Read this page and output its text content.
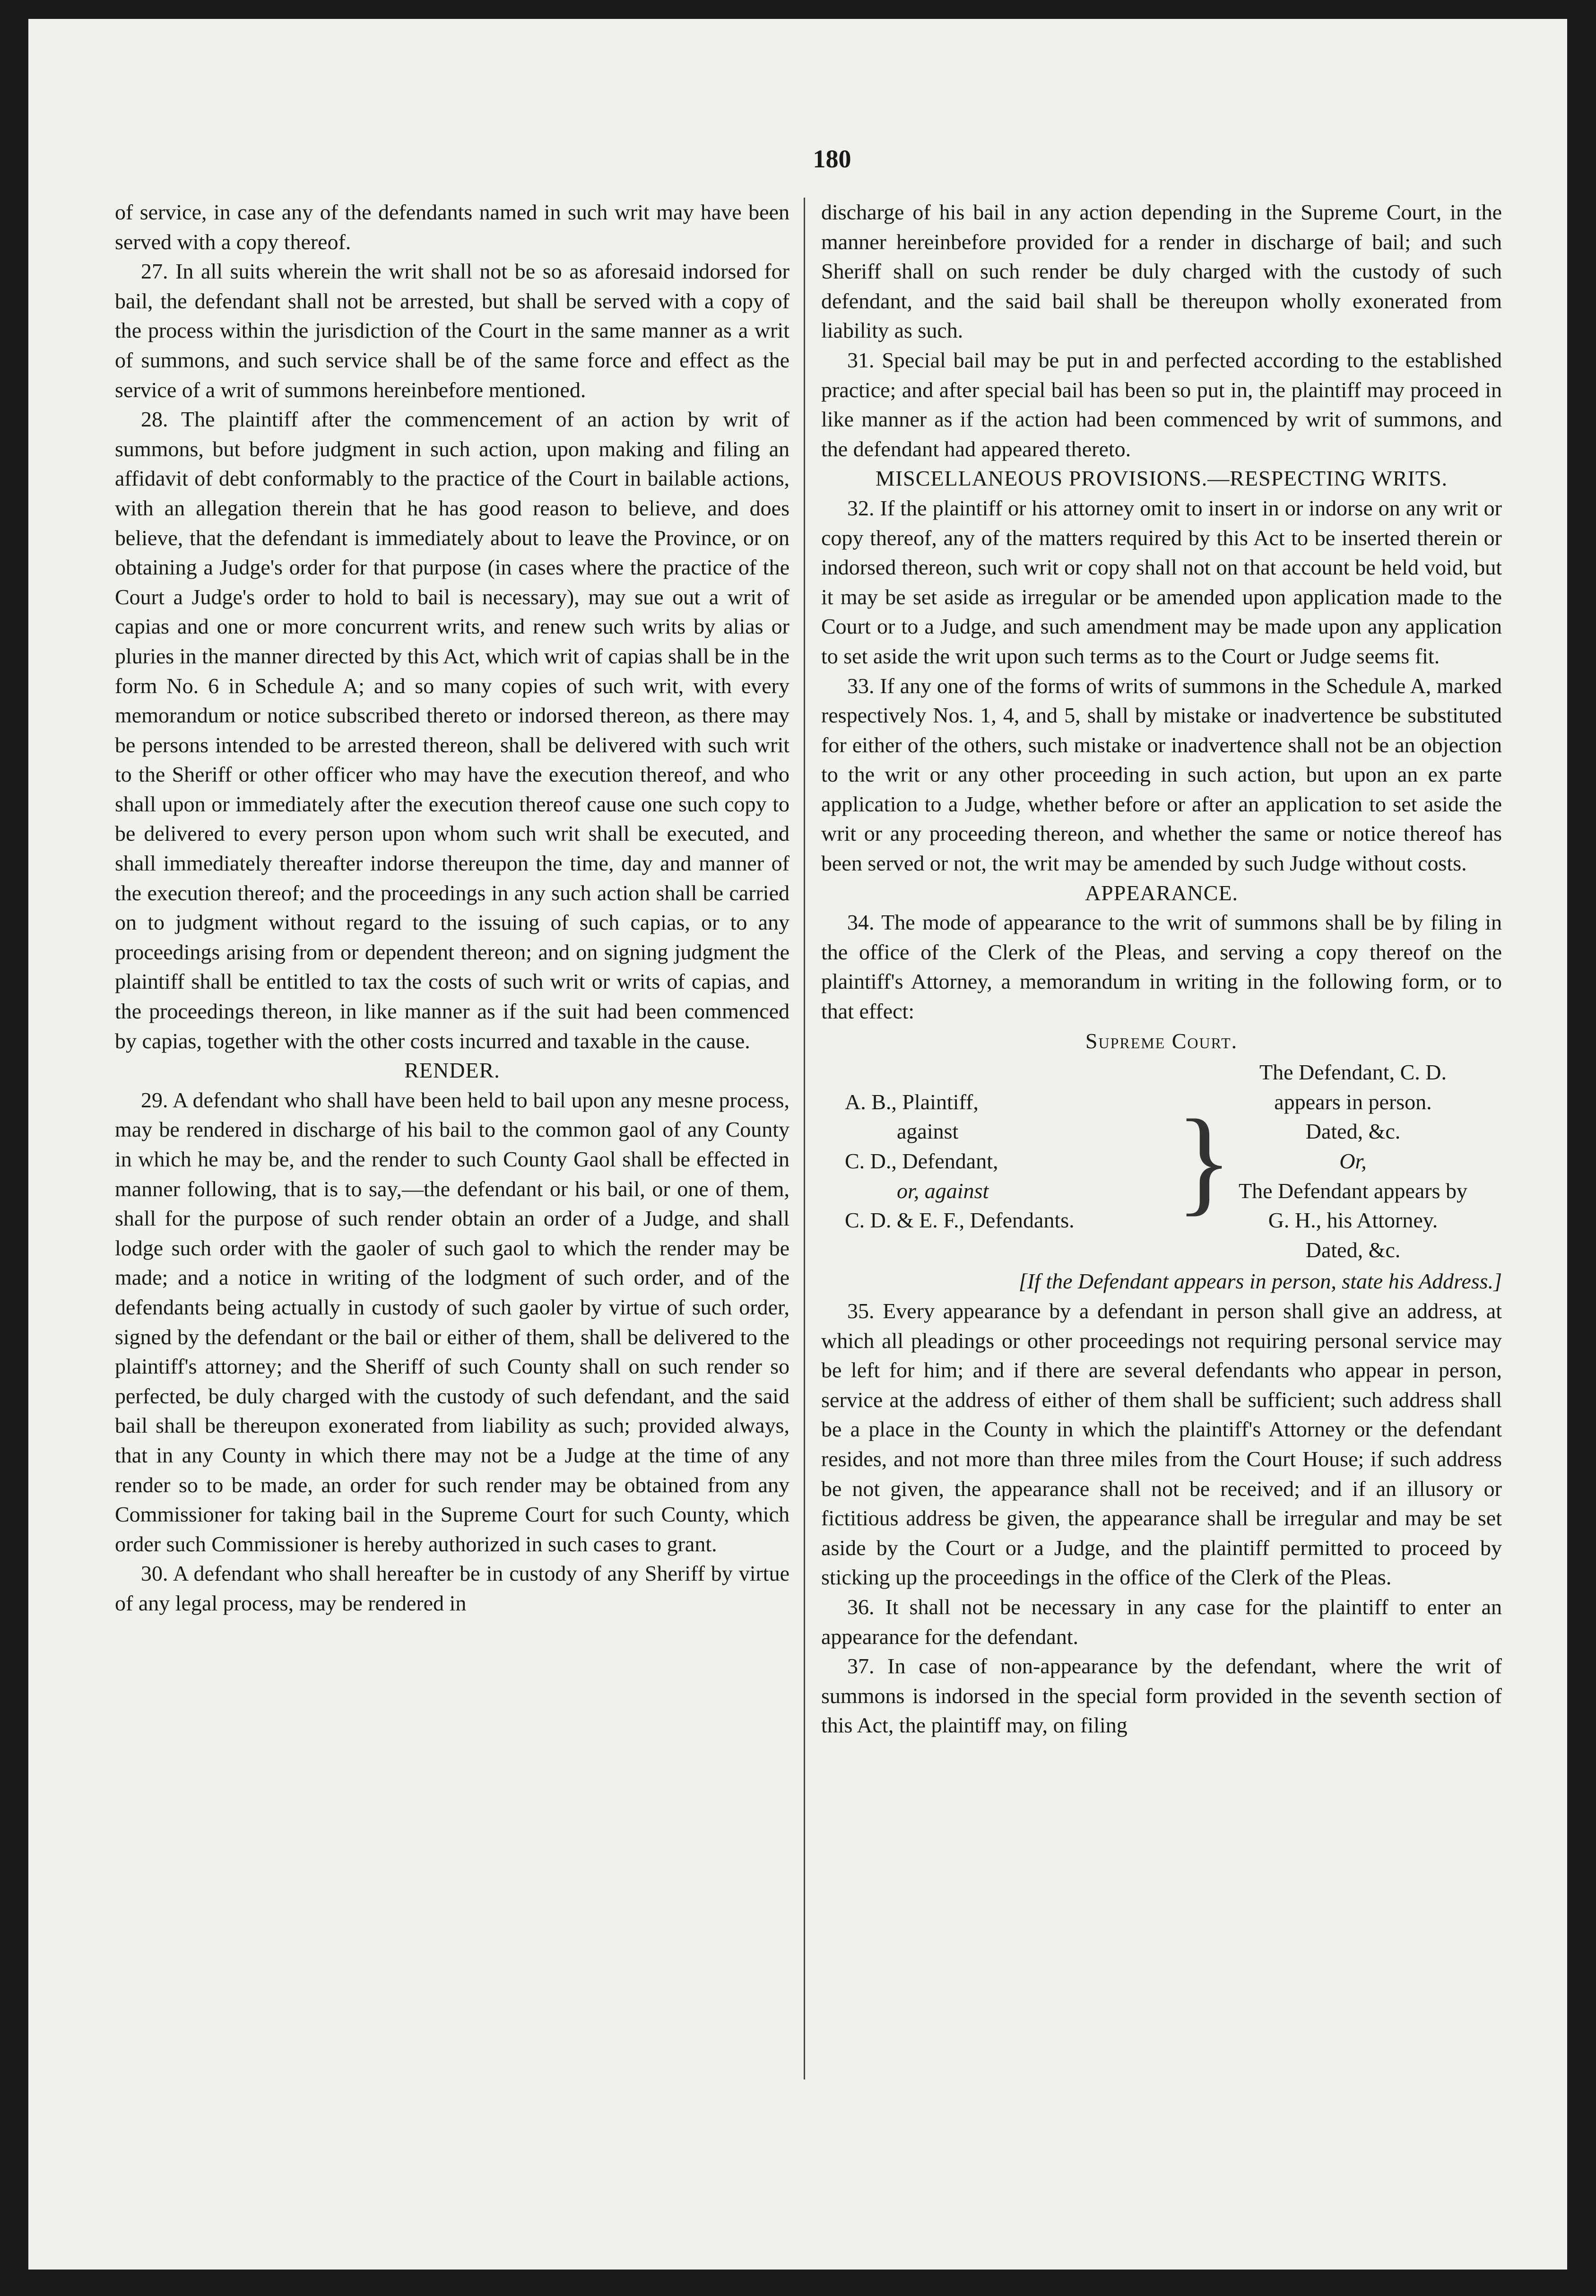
180

of service, in case any of the defendants named in such writ may have been served with a copy thereof.

27. In all suits wherein the writ shall not be so as aforesaid indorsed for bail, the defendant shall not be arrested, but shall be served with a copy of the process within the jurisdiction of the Court in the same manner as a writ of summons, and such service shall be of the same force and effect as the service of a writ of summons hereinbefore mentioned.

28. The plaintiff after the commencement of an action by writ of summons, but before judgment in such action, upon making and filing an affidavit of debt conformably to the practice of the Court in bailable actions, with an allegation therein that he has good reason to believe, and does believe, that the defendant is immediately about to leave the Province, or on obtaining a Judge's order for that purpose (in cases where the practice of the Court a Judge's order to hold to bail is necessary), may sue out a writ of capias and one or more concurrent writs, and renew such writs by alias or pluries in the manner directed by this Act, which writ of capias shall be in the form No. 6 in Schedule A; and so many copies of such writ, with every memorandum or notice subscribed thereto or indorsed thereon, as there may be persons intended to be arrested thereon, shall be delivered with such writ to the Sheriff or other officer who may have the execution thereof, and who shall upon or immediately after the execution thereof cause one such copy to be delivered to every person upon whom such writ shall be executed, and shall immediately thereafter indorse thereupon the time, day and manner of the execution thereof; and the proceedings in any such action shall be carried on to judgment without regard to the issuing of such capias, or to any proceedings arising from or dependent thereon; and on signing judgment the plaintiff shall be entitled to tax the costs of such writ or writs of capias, and the proceedings thereon, in like manner as if the suit had been commenced by capias, together with the other costs incurred and taxable in the cause.

RENDER.

29. A defendant who shall have been held to bail upon any mesne process, may be rendered in discharge of his bail to the common gaol of any County in which he may be, and the render to such County Gaol shall be effected in manner following, that is to say,—the defendant or his bail, or one of them, shall for the purpose of such render obtain an order of a Judge, and shall lodge such order with the gaoler of such gaol to which the render may be made; and a notice in writing of the lodgment of such order, and of the defendants being actually in custody of such gaoler by virtue of such order, signed by the defendant or the bail or either of them, shall be delivered to the plaintiff's attorney; and the Sheriff of such County shall on such render so perfected, be duly charged with the custody of such defendant, and the said bail shall be thereupon exonerated from liability as such; provided always, that in any County in which there may not be a Judge at the time of any render so to be made, an order for such render may be obtained from any Commissioner for taking bail in the Supreme Court for such County, which order such Commissioner is hereby authorized in such cases to grant.

30. A defendant who shall hereafter be in custody of any Sheriff by virtue of any legal process, may be rendered in

discharge of his bail in any action depending in the Supreme Court, in the manner hereinbefore provided for a render in discharge of bail; and such Sheriff shall on such render be duly charged with the custody of such defendant, and the said bail shall be thereupon wholly exonerated from liability as such.

31. Special bail may be put in and perfected according to the established practice; and after special bail has been so put in, the plaintiff may proceed in like manner as if the action had been commenced by writ of summons, and the defendant had appeared thereto.

MISCELLANEOUS PROVISIONS.—RESPECTING WRITS.

32. If the plaintiff or his attorney omit to insert in or indorse on any writ or copy thereof, any of the matters required by this Act to be inserted therein or indorsed thereon, such writ or copy shall not on that account be held void, but it may be set aside as irregular or be amended upon application made to the Court or to a Judge, and such amendment may be made upon any application to set aside the writ upon such terms as to the Court or Judge seems fit.

33. If any one of the forms of writs of summons in the Schedule A, marked respectively Nos. 1, 4, and 5, shall by mistake or inadvertence be substituted for either of the others, such mistake or inadvertence shall not be an objection to the writ or any other proceeding in such action, but upon an ex parte application to a Judge, whether before or after an application to set aside the writ or any proceeding thereon, and whether the same or notice thereof has been served or not, the writ may be amended by such Judge without costs.

APPEARANCE.

34. The mode of appearance to the writ of summons shall be by filing in the office of the Clerk of the Pleas, and serving a copy thereof on the plaintiff's Attorney, a memorandum in writing in the following form, or to that effect:

Supreme Court.

A. B., Plaintiff,
against
C. D., Defendant,
or, against
C. D. & E. F., Defendants. }
The Defendant, C. D.
appears in person.
Dated, &c.
Or,
The Defendant appears by
G. H., his Attorney.
Dated, &c.

[If the Defendant appears in person, state his Address.]

35. Every appearance by a defendant in person shall give an address, at which all pleadings or other proceedings not requiring personal service may be left for him; and if there are several defendants who appear in person, service at the address of either of them shall be sufficient; such address shall be a place in the County in which the plaintiff's Attorney or the defendant resides, and not more than three miles from the Court House; if such address be not given, the appearance shall not be received; and if an illusory or fictitious address be given, the appearance shall be irregular and may be set aside by the Court or a Judge, and the plaintiff permitted to proceed by sticking up the proceedings in the office of the Clerk of the Pleas.

36. It shall not be necessary in any case for the plaintiff to enter an appearance for the defendant.

37. In case of non-appearance by the defendant, where the writ of summons is indorsed in the special form provided in the seventh section of this Act, the plaintiff may, on filing
